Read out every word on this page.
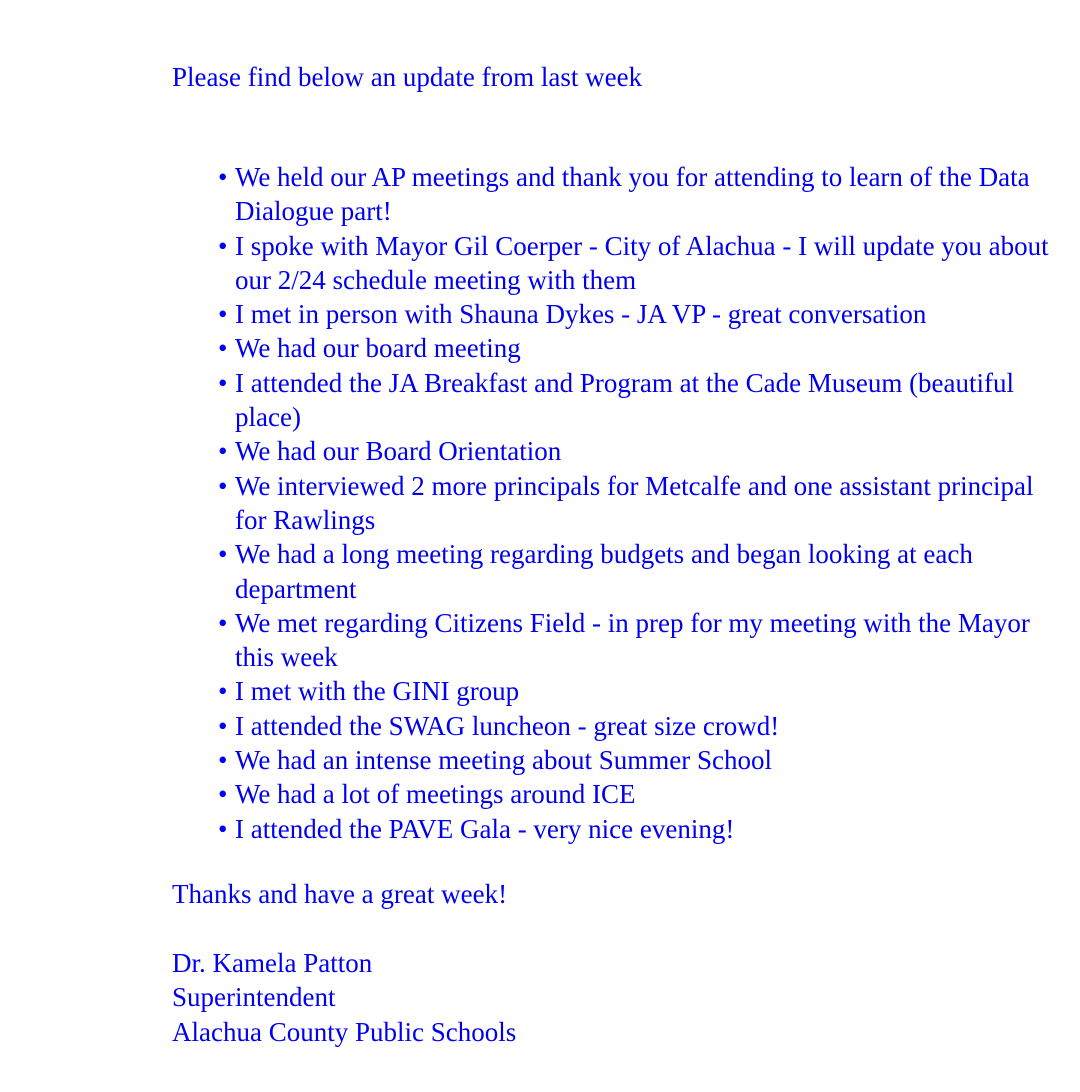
Please find below an update from last week

• We held our AP meetings and thank you for attending to learn of the Data Dialogue part!
• I spoke with Mayor Gil Coerper - City of Alachua - I will update you about our 2/24 schedule meeting with them
• I met in person with Shauna Dykes - JA VP - great conversation
• We had our board meeting
• I attended the JA Breakfast and Program at the Cade Museum (beautiful place)
• We had our Board Orientation
• We interviewed 2 more principals for Metcalfe and one assistant principal for Rawlings
• We had a long meeting regarding budgets and began looking at each department
• We met regarding Citizens Field - in prep for my meeting with the Mayor this week
• I met with the GINI group
• I attended the SWAG luncheon - great size crowd!
• We had an intense meeting about Summer School
• We had a lot of meetings around ICE
• I attended the PAVE Gala - very nice evening!

Thanks and have a great week!

Dr. Kamela Patton
Superintendent
Alachua County Public Schools
